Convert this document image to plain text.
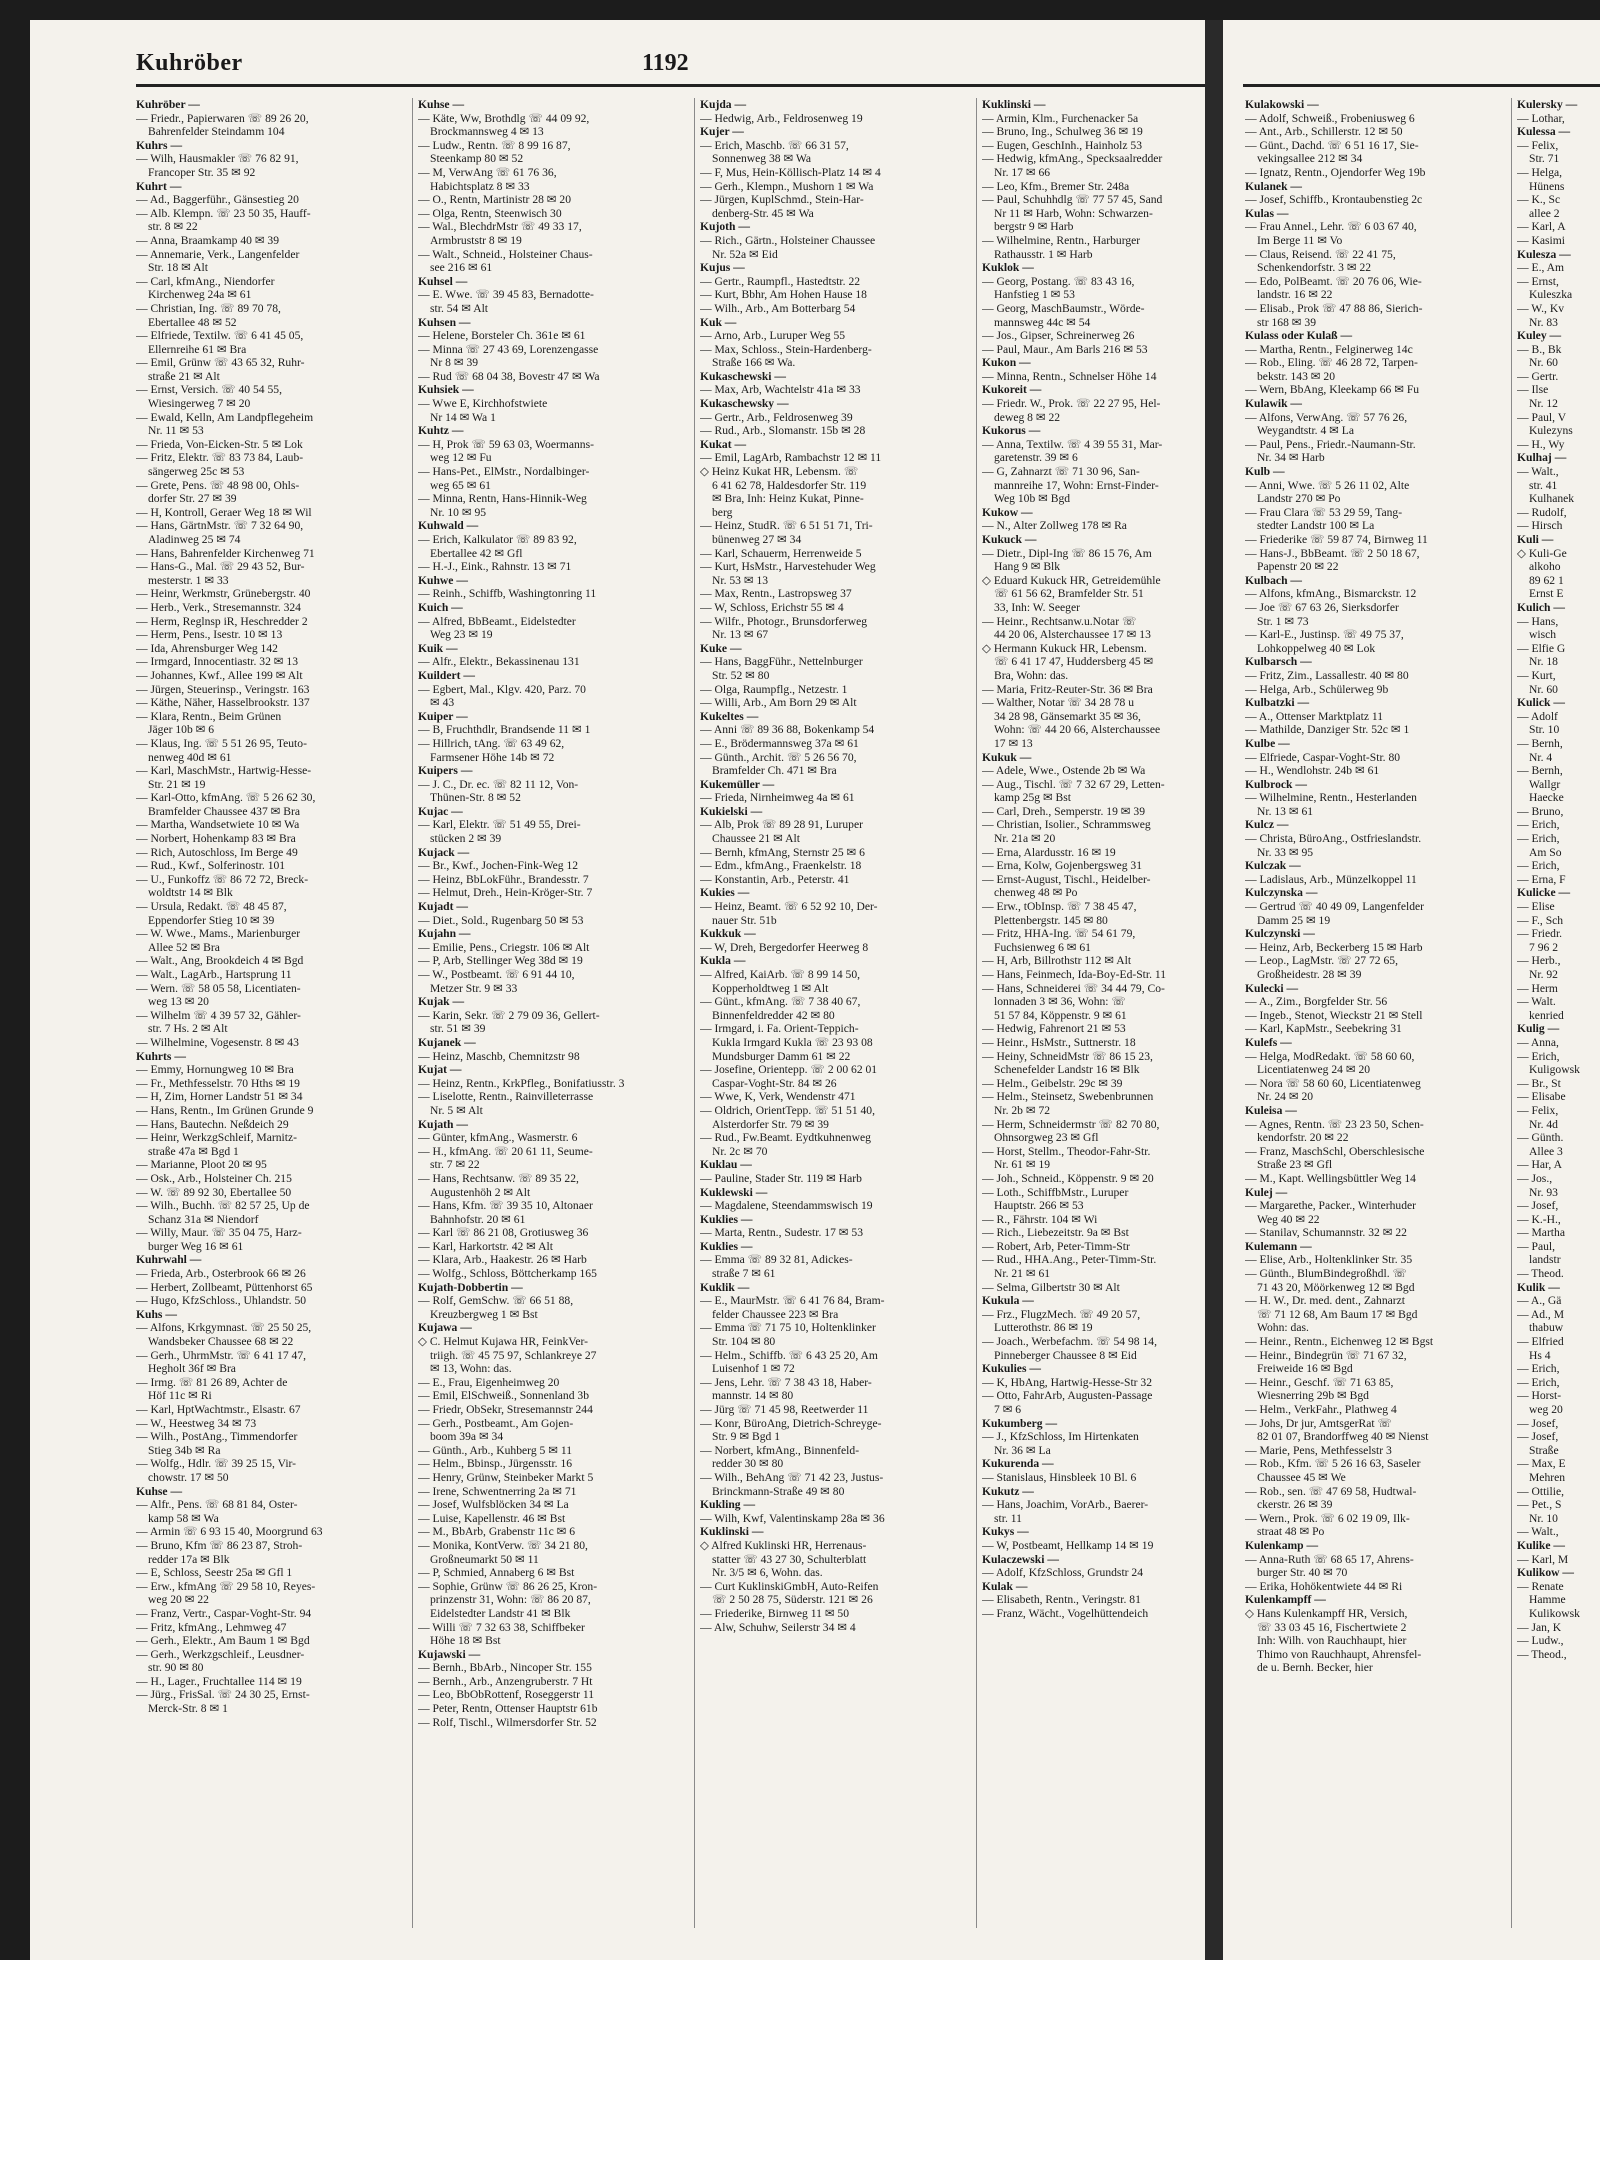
Kuhröber	1192
Kuhröber —
— Friedr., Papierwaren ☏ 89 26 20,
Bahrenfelder Steindamm 104
Kuhrs —
— Wilh, Hausmakler ☏ 76 82 91,
Francoper Str. 35 ✉ 92
Kuhrt —
— Ad., Baggerführ., Gänsestieg 20
— Alb. Klempn. ☏ 23 50 35, Hauff-
str. 8 ✉ 22
— Anna, Braamkamp 40 ✉ 39
— Annemarie, Verk., Langenfelder
Str. 18 ✉ Alt
— Carl, kfmAng., Niendorfer
Kirchenweg 24a ✉ 61
— Christian, Ing. ☏ 89 70 78,
Ebertallee 48 ✉ 52
— Elfriede, Textilw. ☏ 6 41 45 05,
Ellernreihe 61 ✉ Bra
— Emil, Grünw ☏ 43 65 32, Ruhr-
straße 21 ✉ Alt
— Ernst, Versich. ☏ 40 54 55,
Wiesingerweg 7 ✉ 20
— Ewald, Kelln, Am Landpflegeheim
Nr. 11 ✉ 53
— Frieda, Von-Eicken-Str. 5 ✉ Lok
— Fritz, Elektr. ☏ 83 73 84, Laub-
sängerweg 25c ✉ 53
— Grete, Pens. ☏ 48 98 00, Ohls-
dorfer Str. 27 ✉ 39
— H, Kontroll, Geraer Weg 18 ✉ Wil
— Hans, GärtnMstr. ☏ 7 32 64 90,
Aladinweg 25 ✉ 74
— Hans, Bahrenfelder Kirchenweg 71
— Hans-G., Mal. ☏ 29 43 52, Bur-
mesterstr. 1 ✉ 33
— Heinr, Werkmstr, Grünebergstr. 40
— Herb., Verk., Stresemannstr. 324
— Herm, Reglnsp iR, Heschredder 2
— Herm, Pens., Isestr. 10 ✉ 13
— Ida, Ahrensburger Weg 142
— Irmgard, Innocentiastr. 32 ✉ 13
— Johannes, Kwf., Allee 199 ✉ Alt
— Jürgen, Steuerinsp., Veringstr. 163
— Käthe, Näher, Hasselbrookstr. 137
— Klara, Rentn., Beim Grünen
Jäger 10b ✉ 6
— Klaus, Ing. ☏ 5 51 26 95, Teuto-
nenweg 40d ✉ 61
— Karl, MaschMstr., Hartwig-Hesse-
Str. 21 ✉ 19
— Karl-Otto, kfmAng. ☏ 5 26 62 30,
Bramfelder Chaussee 437 ✉ Bra
— Martha, Wandsetwiete 10 ✉ Wa
— Norbert, Hohenkamp 83 ✉ Bra
— Rich, Autoschloss, Im Berge 49
— Rud., Kwf., Solferinostr. 101
— U., Funkoffz ☏ 86 72 72, Breck-
woldtstr 14 ✉ Blk
— Ursula, Redakt. ☏ 48 45 87,
Eppendorfer Stieg 10 ✉ 39
— W. Wwe., Mams., Marienburger
Allee 52 ✉ Bra
— Walt., Ang, Brookdeich 4 ✉ Bgd
— Walt., LagArb., Hartsprung 11
— Wern. ☏ 58 05 58, Licentiaten-
weg 13 ✉ 20
— Wilhelm ☏ 4 39 57 32, Gähler-
str. 7 Hs. 2 ✉ Alt
— Wilhelmine, Vogesenstr. 8 ✉ 43
Kuhrts —
— Emmy, Hornungweg 10 ✉ Bra
— Fr., Methfesselstr. 70 Hths ✉ 19
— H, Zim, Horner Landstr 51 ✉ 34
— Hans, Rentn., Im Grünen Grunde 9
— Hans, Bautechn. Neßdeich 29
— Heinr, WerkzgSchleif, Marnitz-
straße 47a ✉ Bgd 1
— Marianne, Ploot 20 ✉ 95
— Osk., Arb., Holsteiner Ch. 215
— W. ☏ 89 92 30, Ebertallee 50
— Wilh., Buchh. ☏ 82 57 25, Up de
Schanz 31a ✉ Niendorf
— Willy, Maur. ☏ 35 04 75, Harz-
burger Weg 16 ✉ 61
Kuhrwahl —
— Frieda, Arb., Osterbrook 66 ✉ 26
— Herbert, Zollbeamt, Püttenhorst 65
— Hugo, KfzSchloss., Uhlandstr. 50
Kuhs —
— Alfons, Krkgymnast. ☏ 25 50 25,
Wandsbeker Chaussee 68 ✉ 22
— Gerh., UhrmMstr. ☏ 6 41 17 47,
Hegholt 36f ✉ Bra
— Irmg. ☏ 81 26 89, Achter de
Höf 11c ✉ Ri
— Karl, HptWachtmstr., Elsastr. 67
— W., Heestweg 34 ✉ 73
— Wilh., PostAng., Timmendorfer
Stieg 34b ✉ Ra
— Wolfg., Hdlr. ☏ 39 25 15, Vir-
chowstr. 17 ✉ 50
Kuhse —
— Alfr., Pens. ☏ 68 81 84, Oster-
kamp 58 ✉ Wa
— Armin ☏ 6 93 15 40, Moorgrund 63
— Bruno, Kfm ☏ 86 23 87, Stroh-
redder 17a ✉ Blk
— E, Schloss, Seestr 25a ✉ Gfl 1
— Erw., kfmAng ☏ 29 58 10, Reyes-
weg 20 ✉ 22
— Franz, Vertr., Caspar-Voght-Str. 94
— Fritz, kfmAng., Lehmweg 47
— Gerh., Elektr., Am Baum 1 ✉ Bgd
— Gerh., Werkzgschleif., Leusdner-
str. 90 ✉ 80
— H., Lager., Fruchtallee 114 ✉ 19
— Jürg., FrisSal. ☏ 24 30 25, Ernst-
Merck-Str. 8 ✉ 1
Kuhse —
— Käte, Ww, Brothdlg ☏ 44 09 92,
Brockmannsweg 4 ✉ 13
— Ludw., Rentn. ☏ 8 99 16 87,
Steenkamp 80 ✉ 52
— M, VerwAng ☏ 61 76 36,
Habichtsplatz 8 ✉ 33
— O., Rentn, Martinistr 28 ✉ 20
— Olga, Rentn, Steenwisch 30
— Wal., BlechdrMstr ☏ 49 33 17,
Armbruststr 8 ✉ 19
— Walt., Schneid., Holsteiner Chaus-
see 216 ✉ 61
Kuhsel —
— E. Wwe. ☏ 39 45 83, Bernadotte-
str. 54 ✉ Alt
Kuhsen —
— Helene, Borsteler Ch. 361e ✉ 61
— Minna ☏ 27 43 69, Lorenzengasse
Nr 8 ✉ 39
— Rud ☏ 68 04 38, Bovestr 47 ✉ Wa
Kuhsiek —
— Wwe E, Kirchhofstwiete
Nr 14 ✉ Wa 1
Kuhtz —
— H, Prok ☏ 59 63 03, Woermanns-
weg 12 ✉ Fu
— Hans-Pet., ElMstr., Nordalbinger-
weg 65 ✉ 61
— Minna, Rentn, Hans-Hinnik-Weg
Nr. 10 ✉ 95
Kuhwald —
— Erich, Kalkulator ☏ 89 83 92,
Ebertallee 42 ✉ Gfl
— H.-J., Eink., Rahnstr. 13 ✉ 71
Kuhwe —
— Reinh., Schiffb, Washingtonring 11
Kuich —
— Alfred, BbBeamt., Eidelstedter
Weg 23 ✉ 19
Kuik —
— Alfr., Elektr., Bekassinenau 131
Kuildert —
— Egbert, Mal., Klgv. 420, Parz. 70
✉ 43
Kuiper —
— B, Fruchthdlr, Brandsende 11 ✉ 1
— Hillrich, tAng. ☏ 63 49 62,
Farmsener Höhe 14b ✉ 72
Kuipers —
— J. C., Dr. ec. ☏ 82 11 12, Von-
Thünen-Str. 8 ✉ 52
Kujac —
— Karl, Elektr. ☏ 51 49 55, Drei-
stücken 2 ✉ 39
Kujack —
— Br., Kwf., Jochen-Fink-Weg 12
— Heinz, BbLokFühr., Brandesstr. 7
— Helmut, Dreh., Hein-Kröger-Str. 7
Kujadt —
— Diet., Sold., Rugenbarg 50 ✉ 53
Kujahn —
— Emilie, Pens., Criegstr. 106 ✉ Alt
— P, Arb, Stellinger Weg 38d ✉ 19
— W., Postbeamt. ☏ 6 91 44 10,
Metzer Str. 9 ✉ 33
Kujak —
— Karin, Sekr. ☏ 2 79 09 36, Gellert-
str. 51 ✉ 39
Kujanek —
— Heinz, Maschb, Chemnitzstr 98
Kujat —
— Heinz, Rentn., KrkPfleg., Bonifatiusstr. 3
— Liselotte, Rentn., Rainvilleterrasse
Nr. 5 ✉ Alt
Kujath —
— Günter, kfmAng., Wasmerstr. 6
— H., kfmAng. ☏ 20 61 11, Seume-
str. 7 ✉ 22
— Hans, Rechtsanw. ☏ 89 35 22,
Augustenhöh 2 ✉ Alt
— Hans, Kfm. ☏ 39 35 10, Altonaer
Bahnhofstr. 20 ✉ 61
— Karl ☏ 86 21 08, Grotiusweg 36
— Karl, Harkortstr. 42 ✉ Alt
— Klara, Arb., Haakestr. 26 ✉ Harb
— Wolfg., Schloss, Böttcherkamp 165
Kujath-Dobbertin —
— Rolf, GemSchw. ☏ 66 51 88,
Kreuzbergweg 1 ✉ Bst
Kujawa —
◇ C. Helmut Kujawa HR, FeinkVer-
triigh. ☏ 45 75 97, Schlankreye 27
✉ 13, Wohn: das.
— E., Frau, Eigenheimweg 20
— Emil, ElSchweiß., Sonnenland 3b
— Friedr, ObSekr, Stresemannstr 244
— Gerh., Postbeamt., Am Gojen-
boom 39a ✉ 34
— Günth., Arb., Kuhberg 5 ✉ 11
— Helm., Bbinsp., Jürgensstr. 16
— Henry, Grünw, Steinbeker Markt 5
— Irene, Schwentnerring 2a ✉ 71
— Josef, Wulfsblöcken 34 ✉ La
— Luise, Kapellenstr. 46 ✉ Bst
— M., BbArb, Grabenstr 11c ✉ 6
— Monika, KontVerw. ☏ 34 21 80,
Großneumarkt 50 ✉ 11
— P, Schmied, Annaberg 6 ✉ Bst
— Sophie, Grünw ☏ 86 26 25, Kron-
prinzenstr 31, Wohn: ☏ 86 20 87,
Eidelstedter Landstr 41 ✉ Blk
— Willi ☏ 7 32 63 38, Schiffbeker
Höhe 18 ✉ Bst
Kujawski —
— Bernh., BbArb., Nincoper Str. 155
— Bernh., Arb., Anzengruberstr. 7 Ht
— Leo, BbObRottenf, Roseggerstr 11
— Peter, Rentn, Ottenser Hauptstr 61b
— Rolf, Tischl., Wilmersdorfer Str. 52
Kujda —
— Hedwig, Arb., Feldrosenweg 19
Kujer —
— Erich, Maschb. ☏ 66 31 57,
Sonnenweg 38 ✉ Wa
— F, Mus, Hein-Köllisch-Platz 14 ✉ 4
— Gerh., Klempn., Mushorn 1 ✉ Wa
— Jürgen, KuplSchmd., Stein-Har-
denberg-Str. 45 ✉ Wa
Kujoth —
— Rich., Gärtn., Holsteiner Chaussee
Nr. 52a ✉ Eid
Kujus —
— Gertr., Raumpfl., Hastedtstr. 22
— Kurt, Bbhr, Am Hohen Hause 18
— Wilh., Arb., Am Botterbarg 54
Kuk —
— Arno, Arb., Luruper Weg 55
— Max, Schloss., Stein-Hardenberg-
Straße 166 ✉ Wa.
Kukaschewski —
— Max, Arb, Wachtelstr 41a ✉ 33
Kukaschewsky —
— Gertr., Arb., Feldrosenweg 39
— Rud., Arb., Slomanstr. 15b ✉ 28
Kukat —
— Emil, LagArb, Rambachstr 12 ✉ 11
◇ Heinz Kukat HR, Lebensm. ☏
6 41 62 78, Haldesdorfer Str. 119
✉ Bra, Inh: Heinz Kukat, Pinne-
berg
— Heinz, StudR. ☏ 6 51 51 71, Tri-
bünenweg 27 ✉ 34
— Karl, Schauerm, Herrenweide 5
— Kurt, HsMstr., Harvestehuder Weg
Nr. 53 ✉ 13
— Max, Rentn., Lastropsweg 37
— W, Schloss, Erichstr 55 ✉ 4
— Wilfr., Photogr., Brunsdorferweg
Nr. 13 ✉ 67
Kuke —
— Hans, BaggFühr., Nettelnburger
Str. 52 ✉ 80
— Olga, Raumpflg., Netzestr. 1
— Willi, Arb., Am Born 29 ✉ Alt
Kukeltes —
— Anni ☏ 89 36 88, Bokenkamp 54
— E., Brödermannsweg 37a ✉ 61
— Günth., Archit. ☏ 5 26 56 70,
Bramfelder Ch. 471 ✉ Bra
Kukemüller —
— Frieda, Nirnheimweg 4a ✉ 61
Kukielski —
— Alb, Prok ☏ 89 28 91, Luruper
Chaussee 21 ✉ Alt
— Bernh, kfmAng, Sternstr 25 ✉ 6
— Edm., kfmAng., Fraenkelstr. 18
— Konstantin, Arb., Peterstr. 41
Kukies —
— Heinz, Beamt. ☏ 6 52 92 10, Der-
nauer Str. 51b
Kukkuk —
— W, Dreh, Bergedorfer Heerweg 8
Kukla —
— Alfred, KaiArb. ☏ 8 99 14 50,
Kopperholdtweg 1 ✉ Alt
— Günt., kfmAng. ☏ 7 38 40 67,
Binnenfeldredder 42 ✉ 80
— Irmgard, i. Fa. Orient-Teppich-
Kukla Irmgard Kukla ☏ 23 93 08
Mundsburger Damm 61 ✉ 22
— Josefine, Orientepp. ☏ 2 00 62 01
Caspar-Voght-Str. 84 ✉ 26
— Wwe, K, Verk, Wendenstr 471
— Oldrich, OrientTepp. ☏ 51 51 40,
Alsterdorfer Str. 79 ✉ 39
— Rud., Fw.Beamt. Eydtkuhnenweg
Nr. 2c ✉ 70
Kuklau —
— Pauline, Stader Str. 119 ✉ Harb
Kuklewski —
— Magdalene, Steendammswisch 19
Kuklies —
— Marta, Rentn., Sudestr. 17 ✉ 53
Kuklies —
— Emma ☏ 89 32 81, Adickes-
straße 7 ✉ 61
Kuklik —
— E., MaurMstr. ☏ 6 41 76 84, Bram-
felder Chaussee 223 ✉ Bra
— Emma ☏ 71 75 10, Holtenklinker
Str. 104 ✉ 80
— Helm., Schiffb. ☏ 6 43 25 20, Am
Luisenhof 1 ✉ 72
— Jens, Lehr. ☏ 7 38 43 18, Haber-
mannstr. 14 ✉ 80
— Jürg ☏ 71 45 98, Reetwerder 11
— Konr, BüroAng, Dietrich-Schreyge-
Str. 9 ✉ Bgd 1
— Norbert, kfmAng., Binnenfeld-
redder 30 ✉ 80
— Wilh., BehAng ☏ 71 42 23, Justus-
Brinckmann-Straße 49 ✉ 80
Kukling —
— Wilh, Kwf, Valentinskamp 28a ✉ 36
Kuklinski —
◇ Alfred Kuklinski HR, Herrenaus-
statter ☏ 43 27 30, Schulterblatt
Nr. 3/5 ✉ 6, Wohn. das.
— Curt KuklinskiGmbH, Auto-Reifen
☏ 2 50 28 75, Süderstr. 121 ✉ 26
— Friederike, Birnweg 11 ✉ 50
— Alw, Schuhw, Seilerstr 34 ✉ 4
Kuklinski —
— Armin, Klm., Furchenacker 5a
— Bruno, Ing., Schulweg 36 ✉ 19
— Eugen, GeschInh., Hainholz 53
— Hedwig, kfmAng., Specksaalredder
Nr. 17 ✉ 66
— Leo, Kfm., Bremer Str. 248a
— Paul, Schuhhdlg ☏ 77 57 45, Sand
Nr 11 ✉ Harb, Wohn: Schwarzen-
bergstr 9 ✉ Harb
— Wilhelmine, Rentn., Harburger
Rathausstr. 1 ✉ Harb
Kuklok —
— Georg, Postang. ☏ 83 43 16,
Hanfstieg 1 ✉ 53
— Georg, MaschBaumstr., Wörde-
mannsweg 44c ✉ 54
— Jos., Gipser, Schreinerweg 26
— Paul, Maur., Am Barls 216 ✉ 53
Kukon —
— Minna, Rentn., Schnelser Höhe 14
Kukoreit —
— Friedr. W., Prok. ☏ 22 27 95, Hel-
deweg 8 ✉ 22
Kukorus —
— Anna, Textilw. ☏ 4 39 55 31, Mar-
garetenstr. 39 ✉ 6
— G, Zahnarzt ☏ 71 30 96, San-
mannreihe 17, Wohn: Ernst-Finder-
Weg 10b ✉ Bgd
Kukow —
— N., Alter Zollweg 178 ✉ Ra
Kukuck —
— Dietr., Dipl-Ing ☏ 86 15 76, Am
Hang 9 ✉ Blk
◇ Eduard Kukuck HR, Getreidemühle
☏ 61 56 62, Bramfelder Str. 51
33, Inh: W. Seeger
— Heinr., Rechtsanw.u.Notar ☏
44 20 06, Alsterchaussee 17 ✉ 13
◇ Hermann Kukuck HR, Lebensm.
☏ 6 41 17 47, Huddersberg 45 ✉
Bra, Wohn: das.
— Maria, Fritz-Reuter-Str. 36 ✉ Bra
— Walther, Notar ☏ 34 28 78 u
34 28 98, Gänsemarkt 35 ✉ 36,
Wohn: ☏ 44 20 66, Alsterchaussee
17 ✉ 13
Kukuk —
— Adele, Wwe., Ostende 2b ✉ Wa
— Aug., Tischl. ☏ 7 32 67 29, Letten-
kamp 25g ✉ Bst
— Carl, Dreh., Semperstr. 19 ✉ 39
— Christian, Isolier., Schrammsweg
Nr. 21a ✉ 20
— Erna, Alardusstr. 16 ✉ 19
— Erna, Kolw, Gojenbergsweg 31
— Ernst-August, Tischl., Heidelber-
chenweg 48 ✉ Po
— Erw., tObInsp. ☏ 7 38 45 47,
Plettenbergstr. 145 ✉ 80
— Fritz, HHA-Ing. ☏ 54 61 79,
Fuchsienweg 6 ✉ 61
— H, Arb, Billrothstr 112 ✉ Alt
— Hans, Feinmech, Ida-Boy-Ed-Str. 11
— Hans, Schneiderei ☏ 34 44 79, Co-
lonnaden 3 ✉ 36, Wohn: ☏
51 57 84, Köppenstr. 9 ✉ 61
— Hedwig, Fahrenort 21 ✉ 53
— Heinr., HsMstr., Suttnerstr. 18
— Heiny, SchneidMstr ☏ 86 15 23,
Schenefelder Landstr 16 ✉ Blk
— Helm., Geibelstr. 29c ✉ 39
— Helm., Steinsetz, Swebenbrunnen
Nr. 2b ✉ 72
— Herm, Schneidermstr ☏ 82 70 80,
Ohnsorgweg 23 ✉ Gfl
— Horst, Stellm., Theodor-Fahr-Str.
Nr. 61 ✉ 19
— Joh., Schneid., Köppenstr. 9 ✉ 20
— Loth., SchiffbMstr., Luruper
Hauptstr. 266 ✉ 53
— R., Fährstr. 104 ✉ Wi
— Rich., Liebezeitstr. 9a ✉ Bst
— Robert, Arb, Peter-Timm-Str
— Rud., HHA.Ang., Peter-Timm-Str.
Nr. 21 ✉ 61
— Selma, Gilbertstr 30 ✉ Alt
Kukula —
— Frz., FlugzMech. ☏ 49 20 57,
Lutterothstr. 86 ✉ 19
— Joach., Werbefachm. ☏ 54 98 14,
Pinneberger Chaussee 8 ✉ Eid
Kukulies —
— K, HbAng, Hartwig-Hesse-Str 32
— Otto, FahrArb, Augusten-Passage
7 ✉ 6
Kukumberg —
— J., KfzSchloss, Im Hirtenkaten
Nr. 36 ✉ La
Kukurenda —
— Stanislaus, Hinsbleek 10 Bl. 6
Kukutz —
— Hans, Joachim, VorArb., Baerer-
str. 11
Kukys —
— W, Postbeamt, Hellkamp 14 ✉ 19
Kulaczewski —
— Adolf, KfzSchloss, Grundstr 24
Kulak —
— Elisabeth, Rentn., Veringstr. 81
— Franz, Wächt., Vogelhüttendeich
Kulakowski —
— Adolf, Schweiß., Frobeniusweg 6
— Ant., Arb., Schillerstr. 12 ✉ 50
— Günt., Dachd. ☏ 6 51 16 17, Sie-
vekingsallee 212 ✉ 34
— Ignatz, Rentn., Ojendorfer Weg 19b
Kulanek —
— Josef, Schiffb., Krontaubenstieg 2c
Kulas —
— Frau Annel., Lehr. ☏ 6 03 67 40,
Im Berge 11 ✉ Vo
— Claus, Reisend. ☏ 22 41 75,
Schenkendorfstr. 3 ✉ 22
— Edo, PolBeamt. ☏ 20 76 06, Wie-
landstr. 16 ✉ 22
— Elisab., Prok ☏ 47 88 86, Sierich-
str 168 ✉ 39
Kulass oder Kulaß —
— Martha, Rentn., Felginerweg 14c
— Rob., Eling. ☏ 46 28 72, Tarpen-
bekstr. 143 ✉ 20
— Wern, BbAng, Kleekamp 66 ✉ Fu
Kulawik —
— Alfons, VerwAng. ☏ 57 76 26,
Weygandtstr. 4 ✉ La
— Paul, Pens., Friedr.-Naumann-Str.
Nr. 34 ✉ Harb
Kulb —
— Anni, Wwe. ☏ 5 26 11 02, Alte
Landstr 270 ✉ Po
— Frau Clara ☏ 53 29 59, Tang-
stedter Landstr 100 ✉ La
— Friederike ☏ 59 87 74, Birnweg 11
— Hans-J., BbBeamt. ☏ 2 50 18 67,
Papenstr 20 ✉ 22
Kulbach —
— Alfons, kfmAng., Bismarckstr. 12
— Joe ☏ 67 63 26, Sierksdorfer
Str. 1 ✉ 73
— Karl-E., Justinsp. ☏ 49 75 37,
Lohkoppelweg 40 ✉ Lok
Kulbarsch —
— Fritz, Zim., Lassallestr. 40 ✉ 80
— Helga, Arb., Schülerweg 9b
Kulbatzki —
— A., Ottenser Marktplatz 11
— Mathilde, Danziger Str. 52c ✉ 1
Kulbe —
— Elfriede, Caspar-Voght-Str. 80
— H., Wendlohstr. 24b ✉ 61
Kulbrock —
— Wilhelmine, Rentn., Hesterlanden
Nr. 13 ✉ 61
Kulcz —
— Christa, BüroAng., Ostfrieslandstr.
Nr. 33 ✉ 95
Kulczak —
— Ladislaus, Arb., Münzelkoppel 11
Kulczynska —
— Gertrud ☏ 40 49 09, Langenfelder
Damm 25 ✉ 19
Kulczynski —
— Heinz, Arb, Beckerberg 15 ✉ Harb
— Leop., LagMstr. ☏ 27 72 65,
Großheidestr. 28 ✉ 39
Kulecki —
— A., Zim., Borgfelder Str. 56
— Ingeb., Stenot, Wieckstr 21 ✉ Stell
— Karl, KapMstr., Seebekring 31
Kulefs —
— Helga, ModRedakt. ☏ 58 60 60,
Licentiatenweg 24 ✉ 20
— Nora ☏ 58 60 60, Licentiatenweg
Nr. 24 ✉ 20
Kuleisa —
— Agnes, Rentn. ☏ 23 23 50, Schen-
kendorfstr. 20 ✉ 22
— Franz, MaschSchl, Oberschlesische
Straße 23 ✉ Gfl
— M., Kapt. Wellingsbüttler Weg 14
Kulej —
— Margarethe, Packer., Winterhuder
Weg 40 ✉ 22
— Stanilav, Schumannstr. 32 ✉ 22
Kulemann —
— Elise, Arb., Holtenklinker Str. 35
— Günth., BlumBindegroßhdl. ☏
71 43 20, Möörkenweg 12 ✉ Bgd
— H. W., Dr. med. dent., Zahnarzt
☏ 71 12 68, Am Baum 17 ✉ Bgd
Wohn: das.
— Heinr., Rentn., Eichenweg 12 ✉ Bgst
— Heinr., Bindegrün ☏ 71 67 32,
Freiweide 16 ✉ Bgd
— Heinr., Geschf. ☏ 71 63 85,
Wiesnerring 29b ✉ Bgd
— Helm., VerkFahr., Plathweg 4
— Johs, Dr jur, AmtsgerRat ☏
82 01 07, Brandorffweg 40 ✉ Nienst
— Marie, Pens, Methfesselstr 3
— Rob., Kfm. ☏ 5 26 16 63, Saseler
Chaussee 45 ✉ We
— Rob., sen. ☏ 47 69 58, Hudtwal-
ckerstr. 26 ✉ 39
— Wern., Prok. ☏ 6 02 19 09, Ilk-
straat 48 ✉ Po
Kulenkamp —
— Anna-Ruth ☏ 68 65 17, Ahrens-
burger Str. 40 ✉ 70
— Erika, Hohökentwiete 44 ✉ Ri
Kulenkampff —
◇ Hans Kulenkampff HR, Versich,
☏ 33 03 45 16, Fischertwiete 2
Inh: Wilh. von Rauchhaupt, hier
Thimo von Rauchhaupt, Ahrensfel-
de u. Bernh. Becker, hier
Kulersky —
— Lothar,
Kulessa —
— Felix,
Str. 71
— Helga,
Hünens
— K., Sc
allee 2
— Karl, A
— Kasimi
Kulesza —
— E., Am
— Ernst,
Kuleszka
— W., Kv
Nr. 83
Kuley —
— B., Bk
Nr. 60
— Gertr.
— Ilse
Nr. 12
— Paul, V
Kulezyns
— H., Wy
Kulhaj —
— Walt.,
str. 41
Kulhanek
— Rudolf,
— Hirsch
Kuli —
◇ Kuli-Ge
alkoho
89 62 1
Ernst E
Kulich —
— Hans,
wisch
— Elfie G
Nr. 18
— Kurt,
Nr. 60
Kulick —
— Adolf
Str. 10
— Bernh,
Nr. 4
— Bernh,
Wallgr
Haecke
— Bruno,
— Erich,
— Erich,
Am So
— Erich,
— Erna, F
Kulicke —
— Elise
— F., Sch
— Friedr.
7 96 2
— Herb.,
Nr. 92
— Herm
— Walt.
kenried
Kulig —
— Anna,
— Erich,
Kuligowsk
— Br., St
— Elisabe
— Felix,
Nr. 4d
— Günth.
Allee 3
— Har, A
— Jos.,
Nr. 93
— Josef,
— K.-H.,
— Martha
— Paul,
landstr
— Theod.
Kulik —
— A., Gä
— Ad., M
thabuw
— Elfried
Hs 4
— Erich,
— Erich,
— Horst-
weg 20
— Josef,
— Josef,
Straße
— Max, E
Mehren
— Ottilie,
— Pet., S
Nr. 10
— Walt.,
Kulike —
— Karl, M
Kulikow —
— Renate
Hamme
Kulikowsk
— Jan, K
— Ludw.,
— Theod.,
